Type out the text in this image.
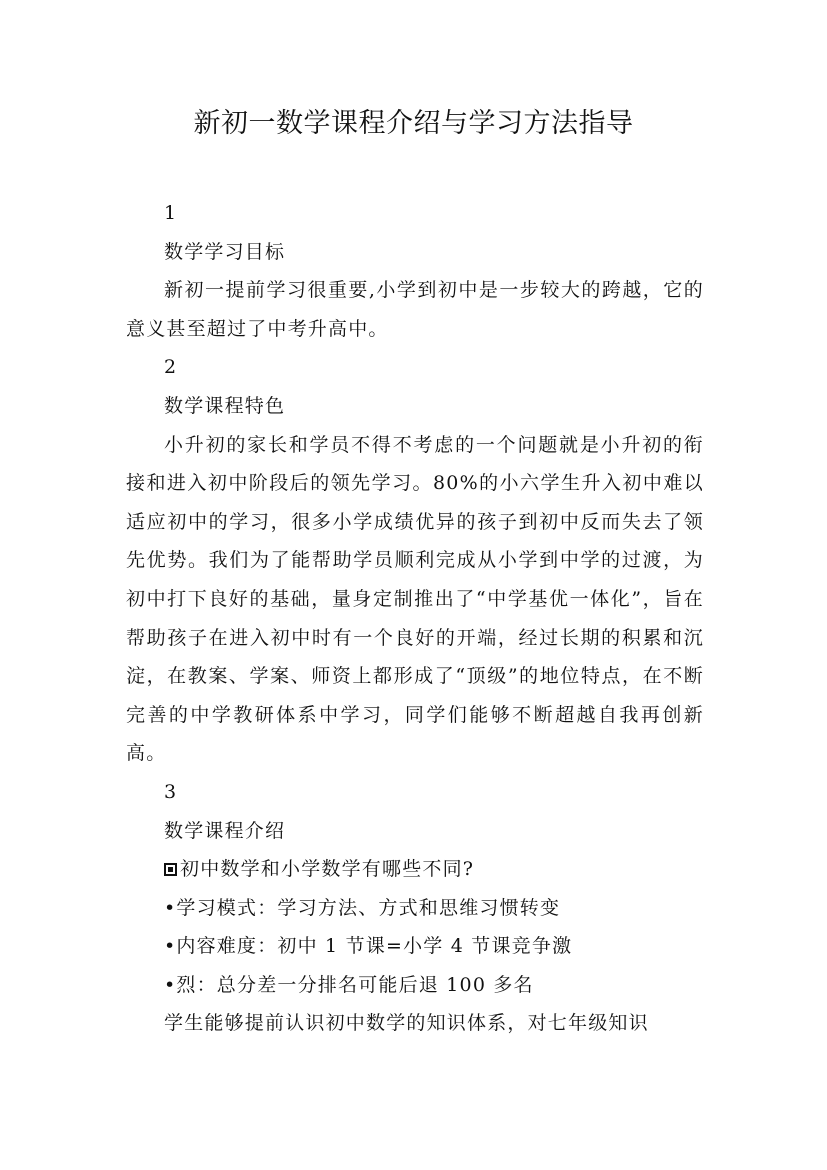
新初一数学课程介绍与学习方法指导

1

数学学习目标

新初一提前学习很重要,小学到初中是一步较大的跨越，它的意义甚至超过了中考升高中。

2

数学课程特色

小升初的家长和学员不得不考虑的一个问题就是小升初的衔接和进入初中阶段后的领先学习。80%的小六学生升入初中难以适应初中的学习，很多小学成绩优异的孩子到初中反而失去了领先优势。我们为了能帮助学员顺利完成从小学到中学的过渡，为初中打下良好的基础，量身定制推出了“中学基优一体化”，旨在帮助孩子在进入初中时有一个良好的开端，经过长期的积累和沉淀，在教案、学案、师资上都形成了“顶级”的地位特点，在不断完善的中学教研体系中学习，同学们能够不断超越自我再创新高。

3

数学课程介绍

初中数学和小学数学有哪些不同?

•学习模式：学习方法、方式和思维习惯转变

•内容难度：初中 1 节课=小学 4 节课竞争激

•烈：总分差一分排名可能后退 100 多名

学生能够提前认识初中数学的知识体系，对七年级知识
